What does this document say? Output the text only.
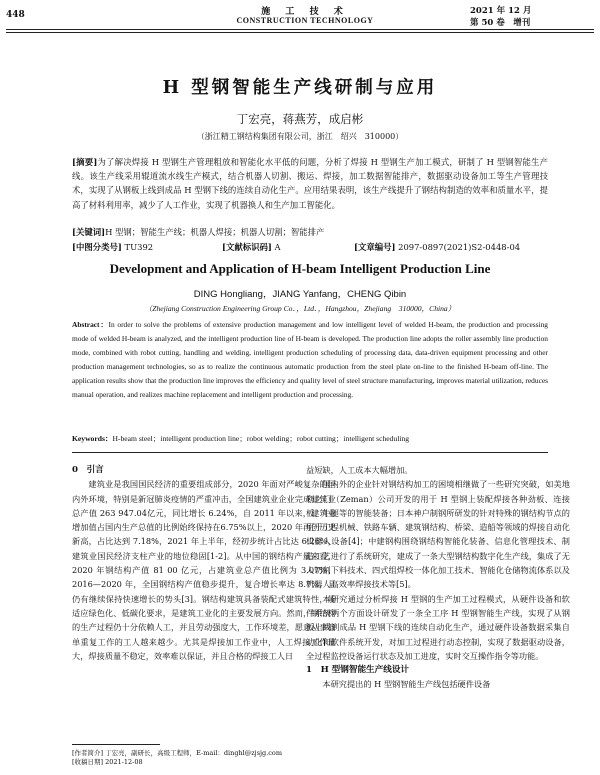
448	施 工 技 术
CONSTRUCTION TECHNOLOGY
2021 年 12 月
第 50 卷　增刊
H 型钢智能生产线研制与应用
丁宏亮，蒋燕芳，成启彬
（浙江精工钢结构集团有限公司，浙江　绍兴　310000）
[摘要]为了解决焊接 H 型钢生产管理粗放和智能化水平低的问题，分析了焊接 H 型钢生产加工模式，研制了 H 型钢智能生产线。该生产线采用辊道流水线生产模式，结合机器人切割、搬运、焊接，加工数据智能排产，数据驱动设备加工等生产管理技术，实现了从钢板上线到成品 H 型钢下线的连续自动化生产。应用结果表明，该生产线提升了钢结构制造的效率和质量水平，提高了材料利用率，减少了人工作业，实现了机器换人和生产加工智能化。
[关键词]H 型钢；智能生产线；机器人焊接；机器人切割；智能排产
[中图分类号] TU392	[文献标识码] A	[文章编号] 2097-0897(2021)S2-0448-04
Development and Application of H-beam Intelligent Production Line
DING Hongliang，JIANG Yanfang，CHENG Qibin
（Zhejiang Construction Engineering Group Co．，Ltd．，Hangzhou，Zhejiang　310000，China）
Abstract：In order to solve the problems of extensive production management and low intelligent level of welded H-beam, the production and processing mode of welded H-beam is analyzed, and the intelligent production line of H-beam is developed. The production line adopts the roller assembly line production mode, combined with robot cutting, handling and welding, intelligent production scheduling of processing data, data-driven equipment processing and other production management technologies, so as to realize the continuous automatic production from the steel plate on-line to the finished H-beam off-line. The application results show that the production line improves the efficiency and quality level of steel structure manufacturing, improves material utilization, reduces manual operation, and realizes machine replacement and intelligent production and processing.
Keywords：H-beam steel；intelligent production line；robot welding；robot cutting；intelligent scheduling
0　引言

建筑业是我国国民经济的重要组成部分，2020 年面对严峻复杂的国内外环境，特别是新冠肺炎疫情的严重冲击，全国建筑业企业完成建筑业总产值 263 947.04亿元，同比增长 6.24%，自 2011 年以来，建筑业增加值占国内生产总值的比例始终保持在6.75%以上，2020 年再创历史新高，占比达到 7.18%，2021 年上半年，经初步统计占比达 6.26%，建筑业国民经济支柱产业的地位稳固[1-2]。从中国的钢结构产量来看，2020 年钢结构产值 81 00 亿元，占建筑业总产值比例为 3.07%，2016—2020 年，全国钢结构产值稳步提升，复合增长率达 8.7%，且仍有继续保持快速增长的势头[3]。钢结构建筑具备装配式建筑特性，能适应绿色化、低碳化要求，是建筑工业化的主要发展方向。然而，钢结构的生产过程仍十分依赖人工，并且劳动强度大，工作环境差，愿意从事简单重复工作的工人越来越少。尤其是焊接加工作业中，人工焊接工作量大，焊接质量不稳定，效率难以保证，并且合格的焊接工人日

益短缺，人工成本大幅增加。

国内外的企业针对钢结构加工的困境相继做了一些研究突破，如美地利之门（Zeman）公司开发的用于 H 型钢上装配焊接各种劲板、连接板、牛腿等的智能装备；日本神户制钢所研发的针对特殊的钢结构节点的用于工程机械、铁路车辆、建筑钢结构、桥梁、造船等领域的焊接自动化机器人设备[4]；中建钢构围绕钢结构智能化装备、信息化管理技术、制造工艺进行了系统研究，建成了一条大型钢结构数字化生产线，集成了无人切割下料技术、四式组焊校一体化加工技术、智能化仓储物流体系以及机器人高效率焊接技术等[5]。

本研究通过分析焊接 H 型钢的生产加工过程模式，从硬件设备和软件系统两个方面设计研发了一条全工序 H 型钢智能生产线，实现了从钢板上线到成品 H 型钢下线的连续自动化生产，通过硬件设备数据采集自动化和软件系统开发，对加工过程进行动态控制，实现了数据驱动设备，全过程监控设备运行状态及加工进度，实时交互操作指令等功能。

1　H 型钢智能生产线设计

本研究提出的 H 型钢智能生产线包括硬件设备

[作者简介] 丁宏亮，副研长，高级工程师，E-mail：dinghl@zjsjg.com
[收稿日期] 2021-12-08
